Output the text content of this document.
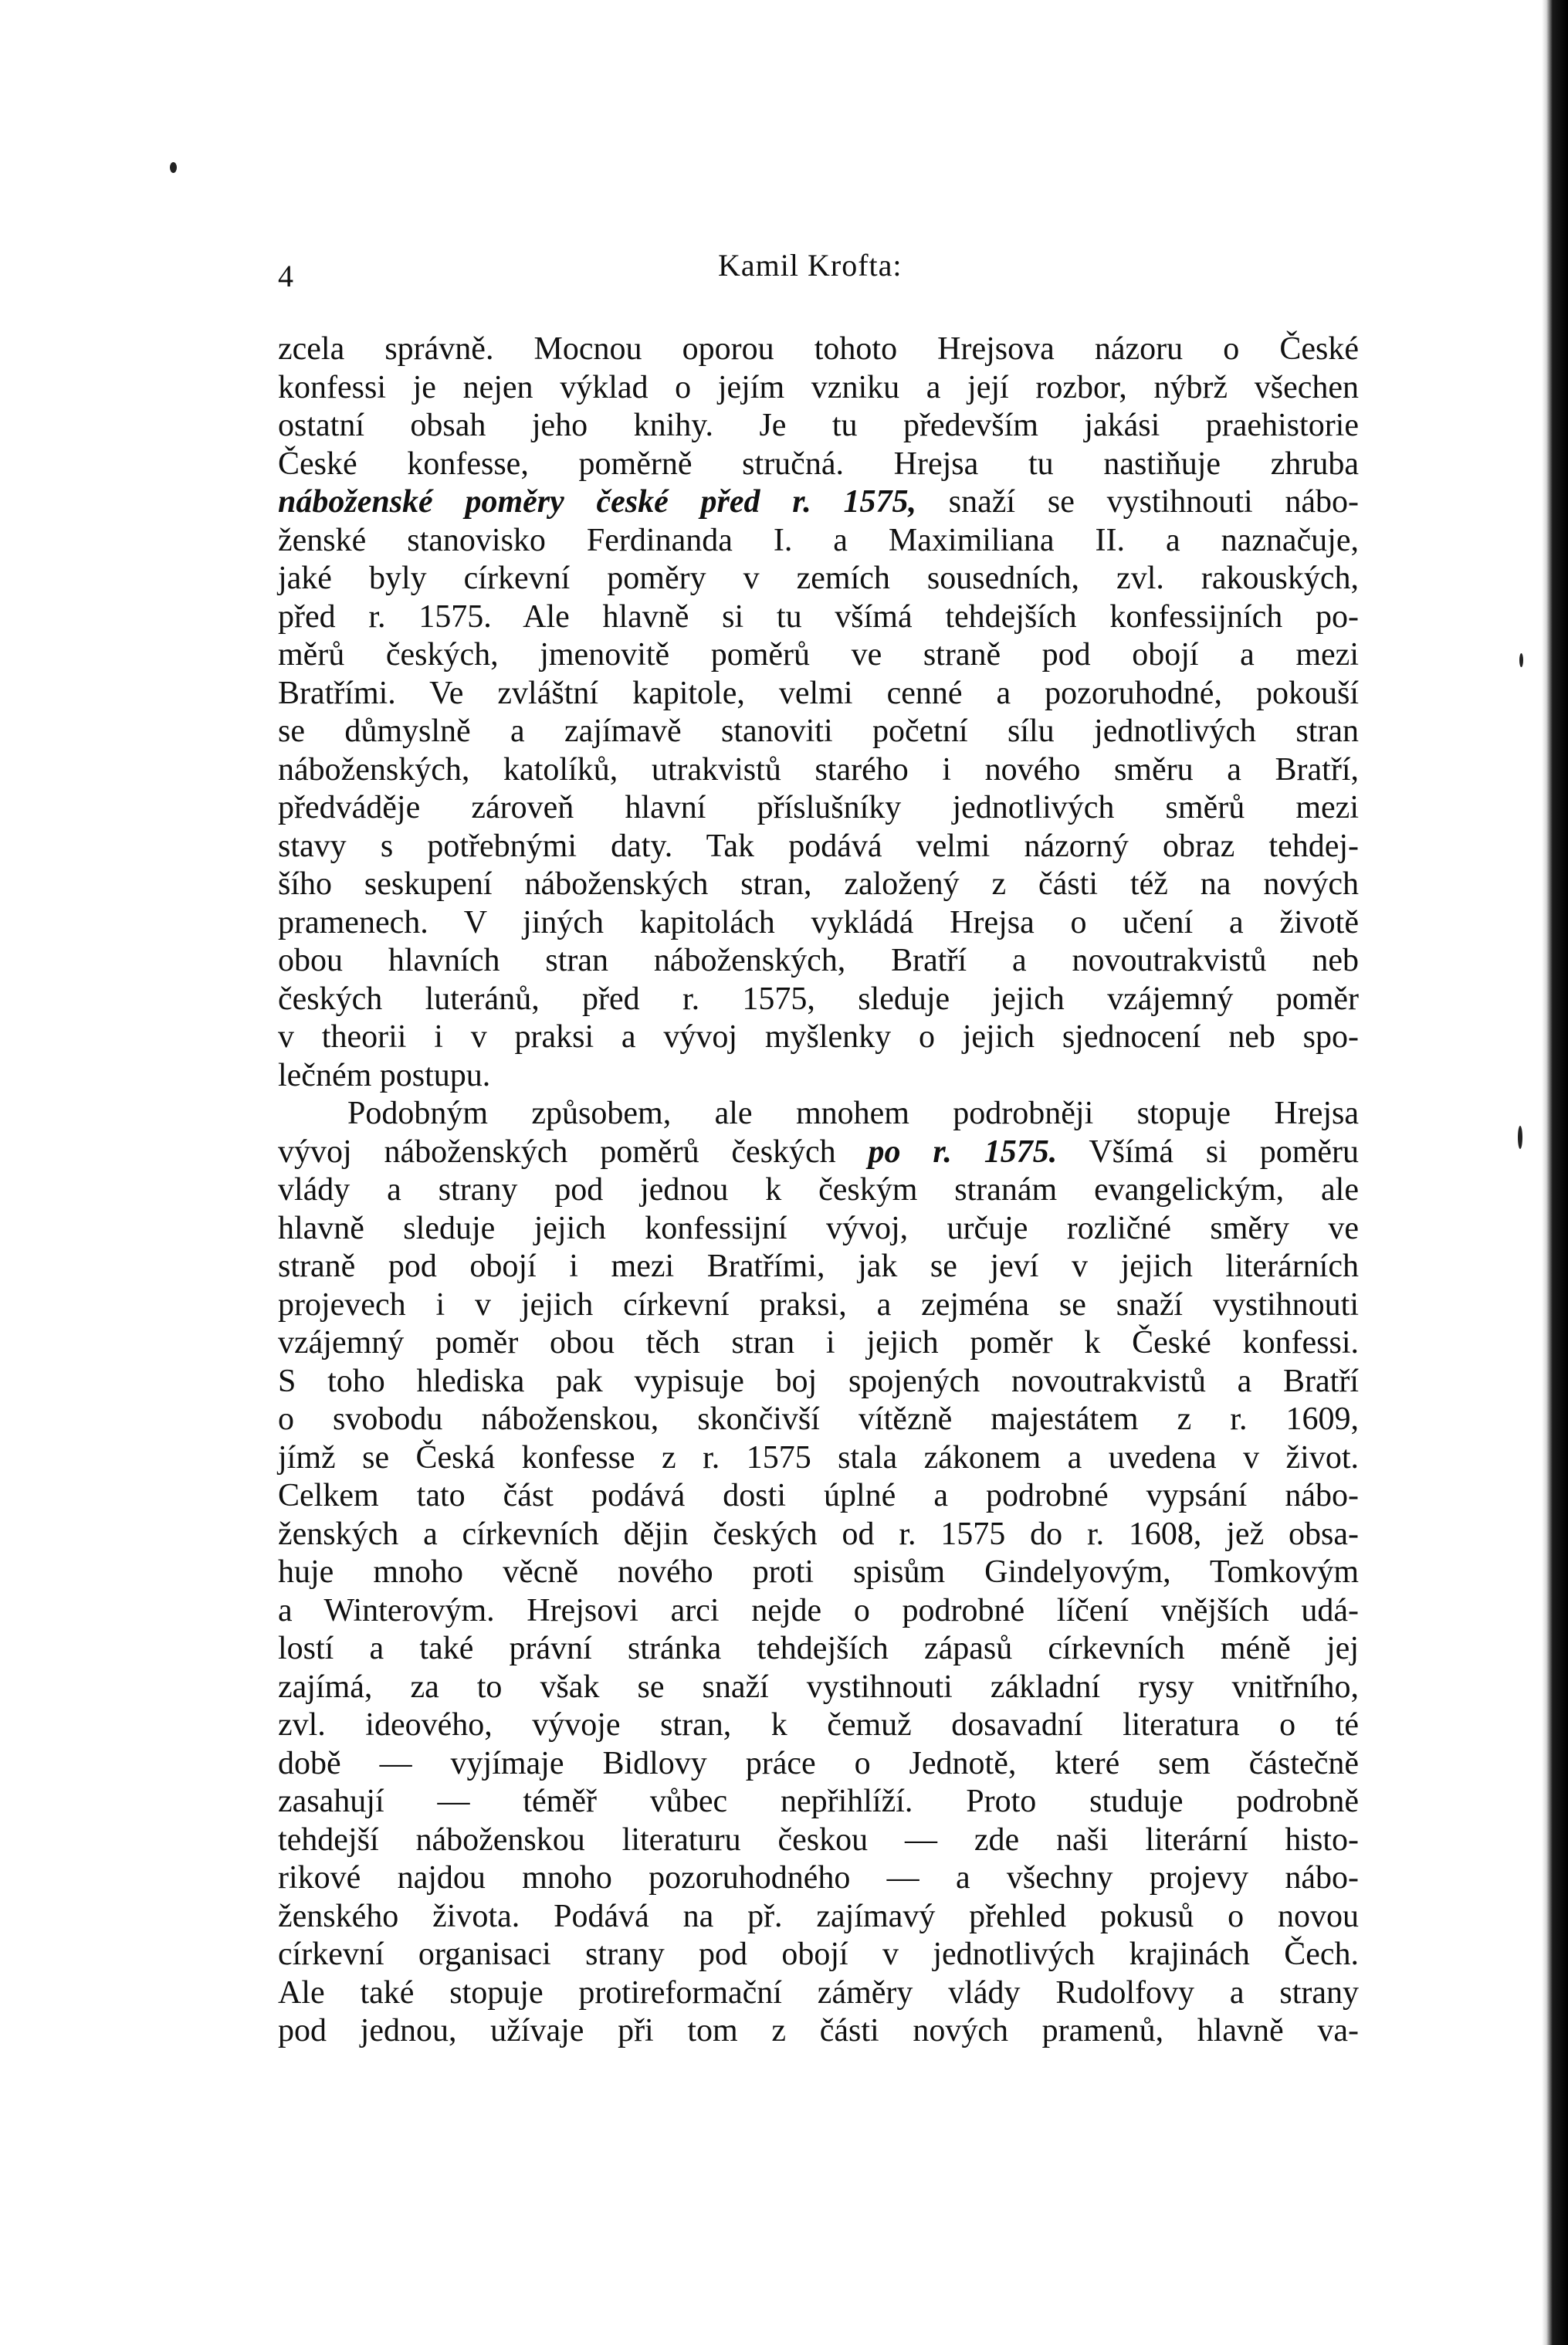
4	Kamil Krofta:
zcela správně. Mocnou oporou tohoto Hrejsova názoru o České
konfessi je nejen výklad o jejím vzniku a její rozbor, nýbrž všechen
ostatní obsah jeho knihy. Je tu především jakási praehistorie
České konfesse, poměrně stručná. Hrejsa tu nastiňuje zhruba
náboženské poměry české před r. 1575, snaží se vystihnouti nábo-
ženské stanovisko Ferdinanda I. a Maximiliana II. a naznačuje,
jaké byly církevní poměry v zemích sousedních, zvl. rakouských,
před r. 1575. Ale hlavně si tu všímá tehdejších konfessijních po-
měrů českých, jmenovitě poměrů ve straně pod obojí a mezi
Bratřími. Ve zvláštní kapitole, velmi cenné a pozoruhodné, pokouší
se důmyslně a zajímavě stanoviti početní sílu jednotlivých stran
náboženských, katolíků, utrakvistů starého i nového směru a Bratří,
předváděje zároveň hlavní příslušníky jednotlivých směrů mezi
stavy s potřebnými daty. Tak podává velmi názorný obraz tehdej-
šího seskupení náboženských stran, založený z části též na nových
pramenech. V jiných kapitolách vykládá Hrejsa o učení a životě
obou hlavních stran náboženských, Bratří a novoutrakvistů neb
českých luteránů, před r. 1575, sleduje jejich vzájemný poměr
v theorii i v praksi a vývoj myšlenky o jejich sjednocení neb spo-
lečném postupu.
Podobným způsobem, ale mnohem podrobněji stopuje Hrejsa
vývoj náboženských poměrů českých po r. 1575. Všímá si poměru
vlády a strany pod jednou k českým stranám evangelickým, ale
hlavně sleduje jejich konfessijní vývoj, určuje rozličné směry ve
straně pod obojí i mezi Bratřími, jak se jeví v jejich literárních
projevech i v jejich církevní praksi, a zejména se snaží vystihnouti
vzájemný poměr obou těch stran i jejich poměr k České konfessi.
S toho hlediska pak vypisuje boj spojených novoutrakvistů a Bratří
o svobodu náboženskou, skončivší vítězně majestátem z r. 1609,
jímž se Česká konfesse z r. 1575 stala zákonem a uvedena v život.
Celkem tato část podává dosti úplné a podrobné vypsání nábo-
ženských a církevních dějin českých od r. 1575 do r. 1608, jež obsa-
huje mnoho věcně nového proti spisům Gindelyovým, Tomkovým
a Winterovým. Hrejsovi arci nejde o podrobné líčení vnějších udá-
lostí a také právní stránka tehdejších zápasů církevních méně jej
zajímá, za to však se snaží vystihnouti základní rysy vnitřního,
zvl. ideového, vývoje stran, k čemuž dosavadní literatura o té
době — vyjímaje Bidlovy práce o Jednotě, které sem částečně
zasahují — téměř vůbec nepřihlíží. Proto studuje podrobně
tehdejší náboženskou literaturu českou — zde naši literární histo-
rikové najdou mnoho pozoruhodného — a všechny projevy nábo-
ženského života. Podává na př. zajímavý přehled pokusů o novou
církevní organisaci strany pod obojí v jednotlivých krajinách Čech.
Ale také stopuje protireformační záměry vlády Rudolfovy a strany
pod jednou, užívaje při tom z části nových pramenů, hlavně va-
